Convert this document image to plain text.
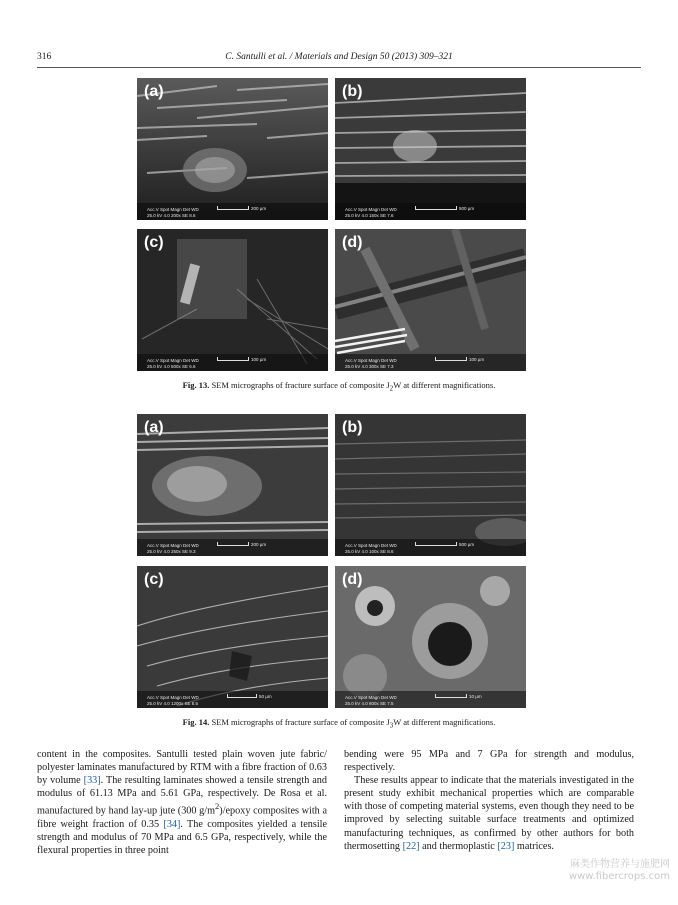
316	C. Santulli et al. / Materials and Design 50 (2013) 309–321
(a)
Acc.V Spot Magn Det WD
25.0 kV 4.0 200x SE 8.6
200 µm
(b)
Acc.V Spot Magn Det WD
25.0 kV 4.0 150x SE 7.6
500 µm
(c)
Acc.V Spot Magn Det WD
25.0 kV 4.0 500x SE 6.6
100 µm
(d)
Acc.V Spot Magn Det WD
25.0 kV 4.0 300x SE 7.3
100 µm
Fig. 13. SEM micrographs of fracture surface of composite $J_2W$ at different magnifications.
(a)
Acc.V Spot Magn Det WD
25.0 kV 4.0 250x SE 9.3
200 µm
(b)
Acc.V Spot Magn Det WD
25.0 kV 4.0 100x SE 8.6
500 µm
(c)
Acc.V Spot Magn Det WD
25.0 kV 4.0 1200x SE 8.5
50 µm
(d)
Acc.V Spot Magn Det WD
25.0 kV 4.0 800x SE 7.5
10 µm
Fig. 14. SEM micrographs of fracture surface of composite $J_3W$ at different magnifications.

content in the composites. Santulli tested plain woven jute fabric/ polyester laminates manufactured by RTM with a fibre fraction of 0.63 by volume [33]. The resulting laminates showed a tensile strength and modulus of 61.13 MPa and 5.61 GPa, respectively. De Rosa et al. manufactured by hand lay-up jute (300 $g/m^2$)/epoxy composites with a fibre weight fraction of 0.35 [34]. The composites yielded a tensile strength and modulus of 70 MPa and 6.5 GPa, respectively, while the flexural properties in three point

bending were 95 MPa and 7 GPa for strength and modulus, respectively.

These results appear to indicate that the materials investigated in the present study exhibit mechanical properties which are comparable with those of competing material systems, even though they need to be improved by selecting suitable surface treatments and optimized manufacturing techniques, as confirmed by other authors for both thermosetting [22] and thermoplastic [23] matrices.

麻类作物营养与施肥网
www.fibercrops.com
